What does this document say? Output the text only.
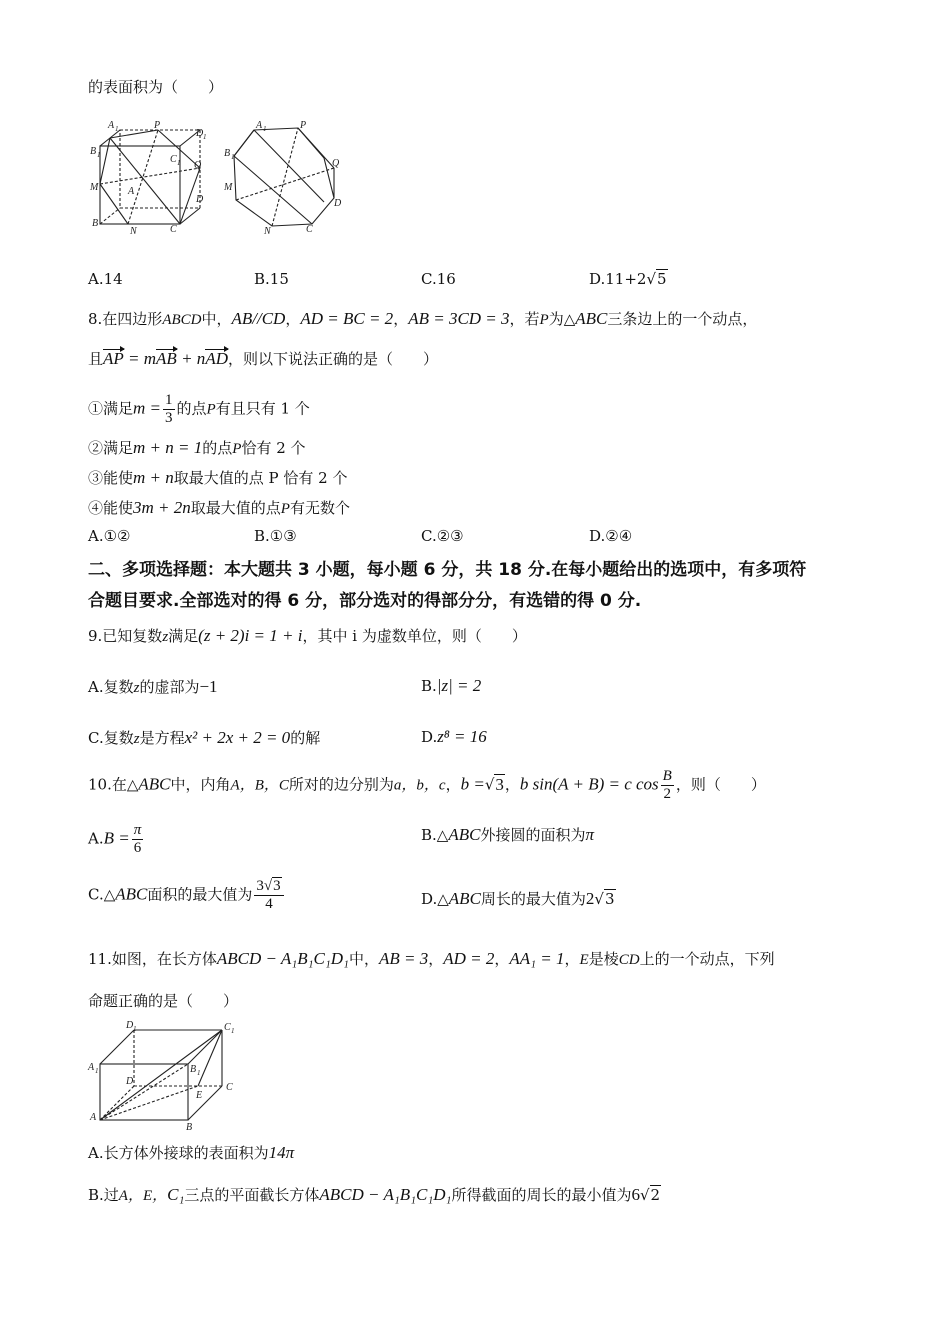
的表面积为（　　）
A 1	P
D 1
B 1	C 1 Q
A
M
D
B
N	C
A 1	P
B 1
Q
M
D
N	C
A.14	B.15	C.16	D.11+2√5
8.在四边形ABCD中，AB//CD，AD = BC = 2，AB = 3CD = 3，若P为△ABC三条边上的一个动点，
且AP = mAB + nAD，则以下说法正确的是（　　）
①满足$m = \frac{1}{3}$ 的点P有且只有 1 个
②满足m + n = 1的点P恰有 2 个
③能使m + n取最大值的点 P 恰有 2 个
④能使3m + 2n取最大值的点P有无数个
A.①②	B.①③	C.②③	D.②④
二、多项选择题：本大题共 3 小题，每小题 6 分，共 18 分.在每小题给出的选项中，有多项符
合题目要求.全部选对的得 6 分，部分选对的得部分分，有选错的得 0 分.
9.已知复数z满足(z + 2)i = 1 + i，其中 i 为虚数单位，则（　　）
A.复数z的虚部为−1	B.|z| = 2
C.复数z是方程x² + 2x + 2 = 0的解	D.z⁸ = 16
10.在△ABC中，内角A，B，C所对的边分别为a，b，c，b =√3，b sin(A + B) = c $\cos \frac{B}{2}$ ，则（　　）
$A.B = \frac{\pi}{6}$	B.△ABC外接圆的面积为π
C.△ABC面积的最大值为 $\frac{3√3}{4}$	D.△ABC周长的最大值为2√3
11.如图，在长方体ABCD − A₁B₁C₁D₁中，AB = 3，AD = 2，AA₁ = 1，E是棱CD上的一个动点，下列
命题正确的是（　　）
D 1	C 1
A 1
D
B 1
C
E
A
B
A.长方体外接球的表面积为14π
B.过A，E，C₁三点的平面截长方体ABCD − A₁B₁C₁D₁所得截面的周长的最小值为6√2
